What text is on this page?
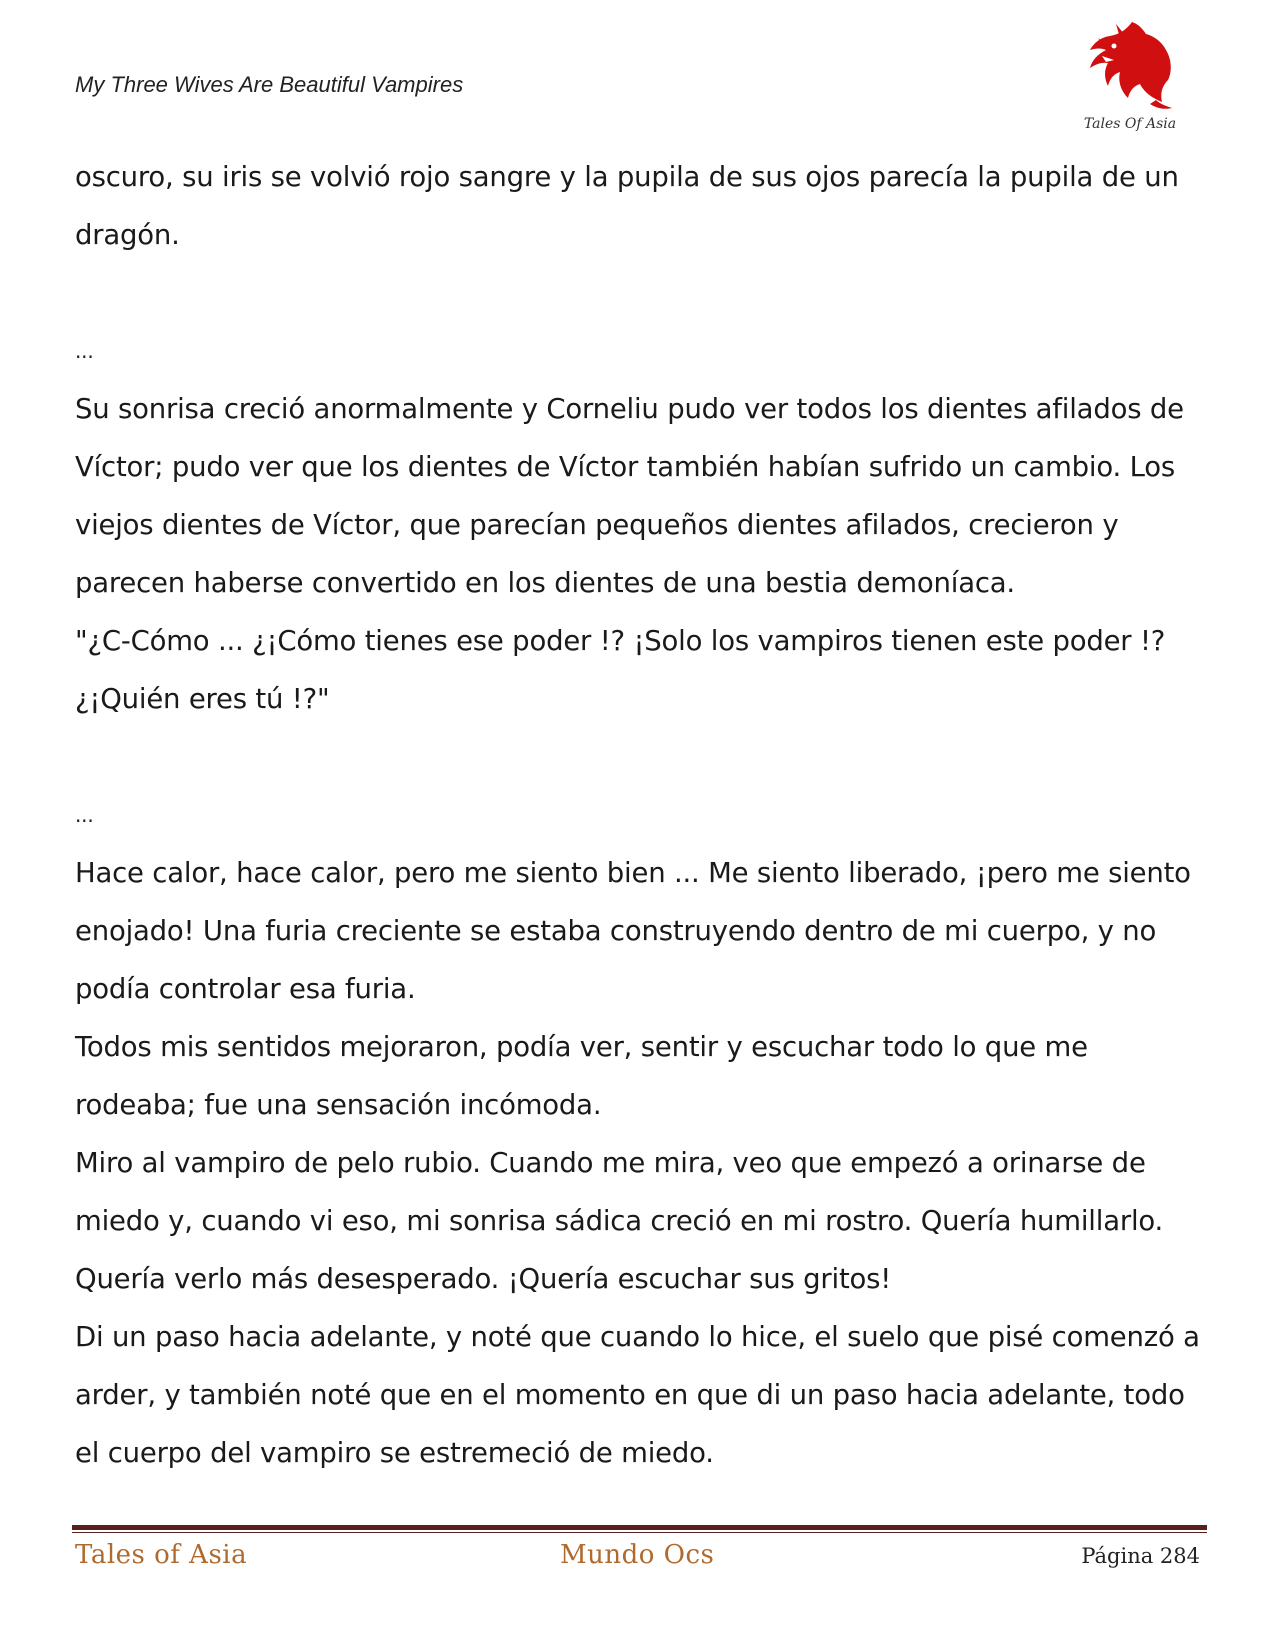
My Three Wives Are Beautiful Vampires
Tales Of Asia

oscuro, su iris se volvió rojo sangre y la pupila de sus ojos parecía la pupila de un dragón.

...

Su sonrisa creció anormalmente y Corneliu pudo ver todos los dientes afilados de Víctor; pudo ver que los dientes de Víctor también habían sufrido un cambio. Los viejos dientes de Víctor, que parecían pequeños dientes afilados, crecieron y parecen haberse convertido en los dientes de una bestia demoníaca.

"¿C-Cómo ... ¿¡Cómo tienes ese poder !? ¡Solo los vampiros tienen este poder !? ¿¡Quién eres tú !?"

...

Hace calor, hace calor, pero me siento bien ... Me siento liberado, ¡pero me siento enojado! Una furia creciente se estaba construyendo dentro de mi cuerpo, y no podía controlar esa furia.

Todos mis sentidos mejoraron, podía ver, sentir y escuchar todo lo que me rodeaba; fue una sensación incómoda.

Miro al vampiro de pelo rubio. Cuando me mira, veo que empezó a orinarse de miedo y, cuando vi eso, mi sonrisa sádica creció en mi rostro. Quería humillarlo. Quería verlo más desesperado. ¡Quería escuchar sus gritos!

Di un paso hacia adelante, y noté que cuando lo hice, el suelo que pisé comenzó a arder, y también noté que en el momento en que di un paso hacia adelante, todo el cuerpo del vampiro se estremeció de miedo.

Tales of Asia	Mundo Ocs	Página 284
